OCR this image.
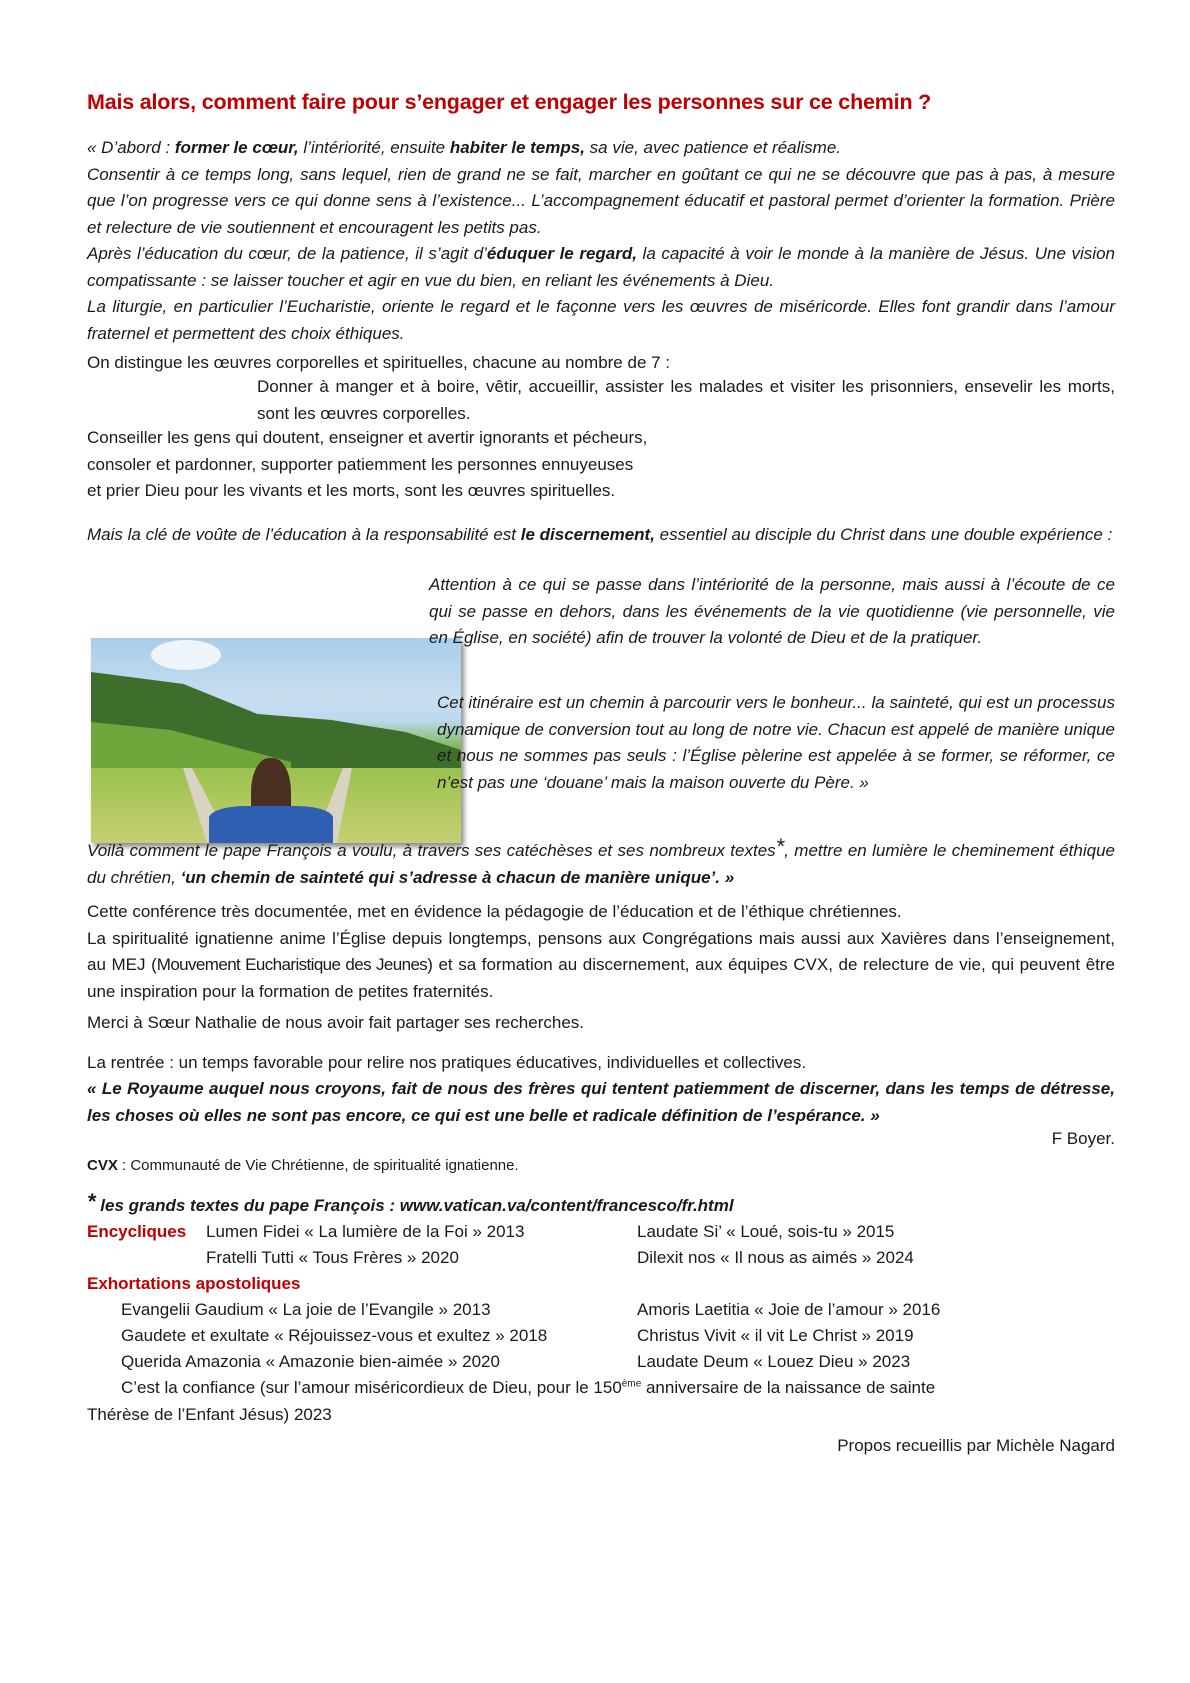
Mais alors, comment faire pour s’engager et engager les personnes sur ce chemin ?
« D’abord : former le cœur, l’intériorité, ensuite habiter le temps, sa vie, avec patience et réalisme.
Consentir à ce temps long, sans lequel, rien de grand ne se fait, marcher en goûtant ce qui ne se découvre que pas à pas, à mesure que l’on progresse vers ce qui donne sens à l’existence... L’accompagnement éducatif et pastoral permet d’orienter la formation. Prière et relecture de vie soutiennent et encouragent les petits pas.
Après l’éducation du cœur, de la patience, il s’agit d’éduquer le regard, la capacité à voir le monde à la manière de Jésus. Une vision compatissante : se laisser toucher et agir en vue du bien, en reliant les événements à Dieu.
La liturgie, en particulier l’Eucharistie, oriente le regard et le façonne vers les œuvres de miséricorde. Elles font grandir dans l’amour fraternel et permettent des choix éthiques.
On distingue les œuvres corporelles et spirituelles, chacune au nombre de 7 :
Donner à manger et à boire, vêtir, accueillir, assister les malades et visiter les prisonniers, ensevelir les morts, sont les œuvres corporelles.
Conseiller les gens qui doutent, enseigner et avertir ignorants et pécheurs,
consoler et pardonner, supporter patiemment les personnes ennuyeuses
et prier Dieu pour les vivants et les morts, sont les œuvres spirituelles.
Mais la clé de voûte de l’éducation à la responsabilité est le discernement, essentiel au disciple du Christ dans une double expérience :
Attention à ce qui se passe dans l’intériorité de la personne, mais aussi à l’écoute de ce qui se passe en dehors, dans les événements de la vie quotidienne (vie personnelle, vie en Église, en société) afin de trouver la volonté de Dieu et de la pratiquer.
Cet itinéraire est un chemin à parcourir vers le bonheur... la sainteté, qui est un processus dynamique de conversion tout au long de notre vie. Chacun est appelé de manière unique et nous ne sommes pas seuls : l’Église pèlerine est appelée à se former, se réformer, ce n’est pas une ‘douane’ mais la maison ouverte du Père. »
Voilà comment le pape François a voulu, à travers ses catéchèses et ses nombreux textes*, mettre en lumière le cheminement éthique du chrétien, ‘un chemin de sainteté qui s’adresse à chacun de manière unique’. »
Cette conférence très documentée, met en évidence la pédagogie de l’éducation et de l’éthique chrétiennes.
La spiritualité ignatienne anime l’Église depuis longtemps, pensons aux Congrégations mais aussi aux Xavières dans l’enseignement, au MEJ (Mouvement Eucharistique des Jeunes) et sa formation au discernement, aux équipes CVX, de relecture de vie, qui peuvent être une inspiration pour la formation de petites fraternités.
Merci à Sœur Nathalie de nous avoir fait partager ses recherches.
La rentrée : un temps favorable pour relire nos pratiques éducatives, individuelles et collectives.
« Le Royaume auquel nous croyons, fait de nous des frères qui tentent patiemment de discerner, dans les temps de détresse, les choses où elles ne sont pas encore, ce qui est une belle et radicale définition de l’espérance. »
F Boyer.
CVX : Communauté de Vie Chrétienne, de spiritualité ignatienne.
* les grands textes du pape François : www.vatican.va/content/francesco/fr.html
Encycliques Lumen Fidei « La lumière de la Foi » 2013	Laudate Si’ « Loué, sois-tu » 2015
Fratelli Tutti « Tous Frères » 2020	Dilexit nos « Il nous as aimés » 2024
Exhortations apostoliques
Evangelii Gaudium « La joie de l’Evangile » 2013	Amoris Laetitia « Joie de l’amour » 2016
Gaudete et exultate « Réjouissez-vous et exultez » 2018	Christus Vivit « il vit Le Christ » 2019
Querida Amazonia « Amazonie bien-aimée » 2020	Laudate Deum « Louez Dieu » 2023
C’est la confiance (sur l’amour miséricordieux de Dieu, pour le 150ème anniversaire de la naissance de sainte
Thérèse de l’Enfant Jésus) 2023
Propos recueillis par Michèle Nagard
